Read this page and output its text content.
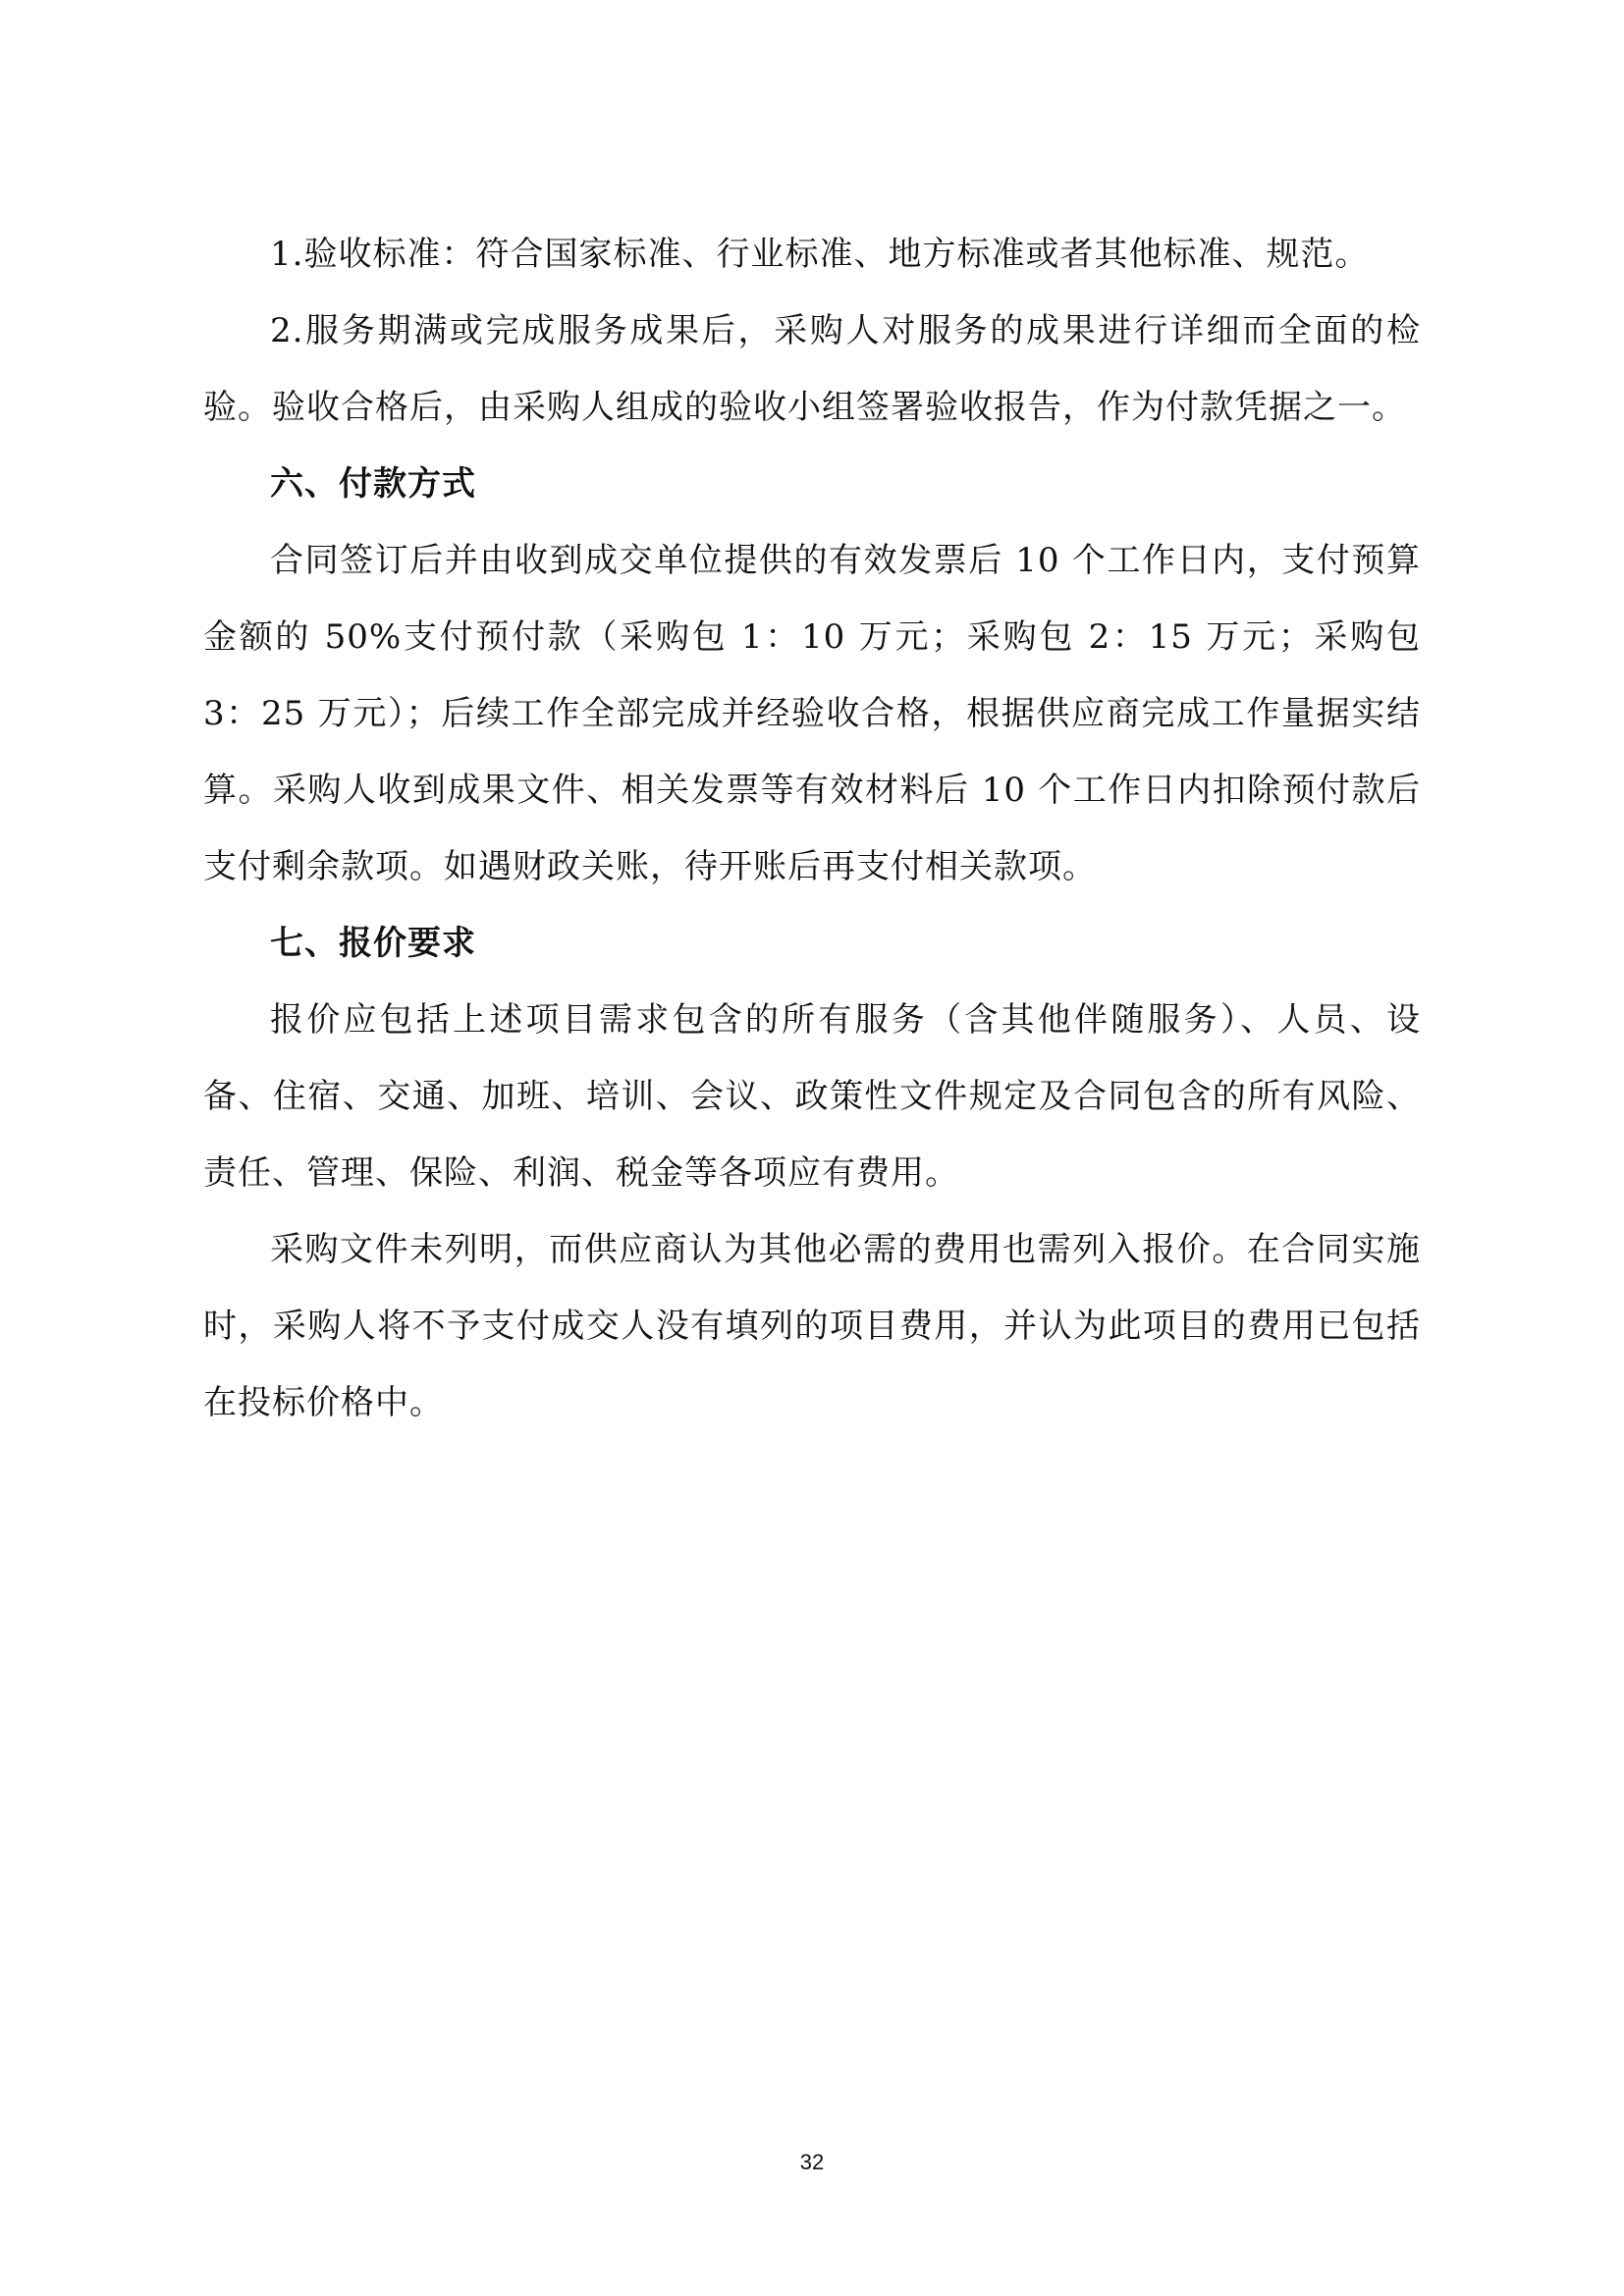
1.验收标准：符合国家标准、行业标准、地方标准或者其他标准、规范。

2.服务期满或完成服务成果后，采购人对服务的成果进行详细而全面的检验。验收合格后，由采购人组成的验收小组签署验收报告，作为付款凭据之一。

六、付款方式

合同签订后并由收到成交单位提供的有效发票后 10 个工作日内，支付预算金额的 50%支付预付款（采购包 1：10 万元；采购包 2：15 万元；采购包 3：25 万元）；后续工作全部完成并经验收合格，根据供应商完成工作量据实结算。采购人收到成果文件、相关发票等有效材料后 10 个工作日内扣除预付款后支付剩余款项。如遇财政关账，待开账后再支付相关款项。

七、报价要求

报价应包括上述项目需求包含的所有服务（含其他伴随服务）、人员、设备、住宿、交通、加班、培训、会议、政策性文件规定及合同包含的所有风险、责任、管理、保险、利润、税金等各项应有费用。

采购文件未列明，而供应商认为其他必需的费用也需列入报价。在合同实施时，采购人将不予支付成交人没有填列的项目费用，并认为此项目的费用已包括在投标价格中。

32
